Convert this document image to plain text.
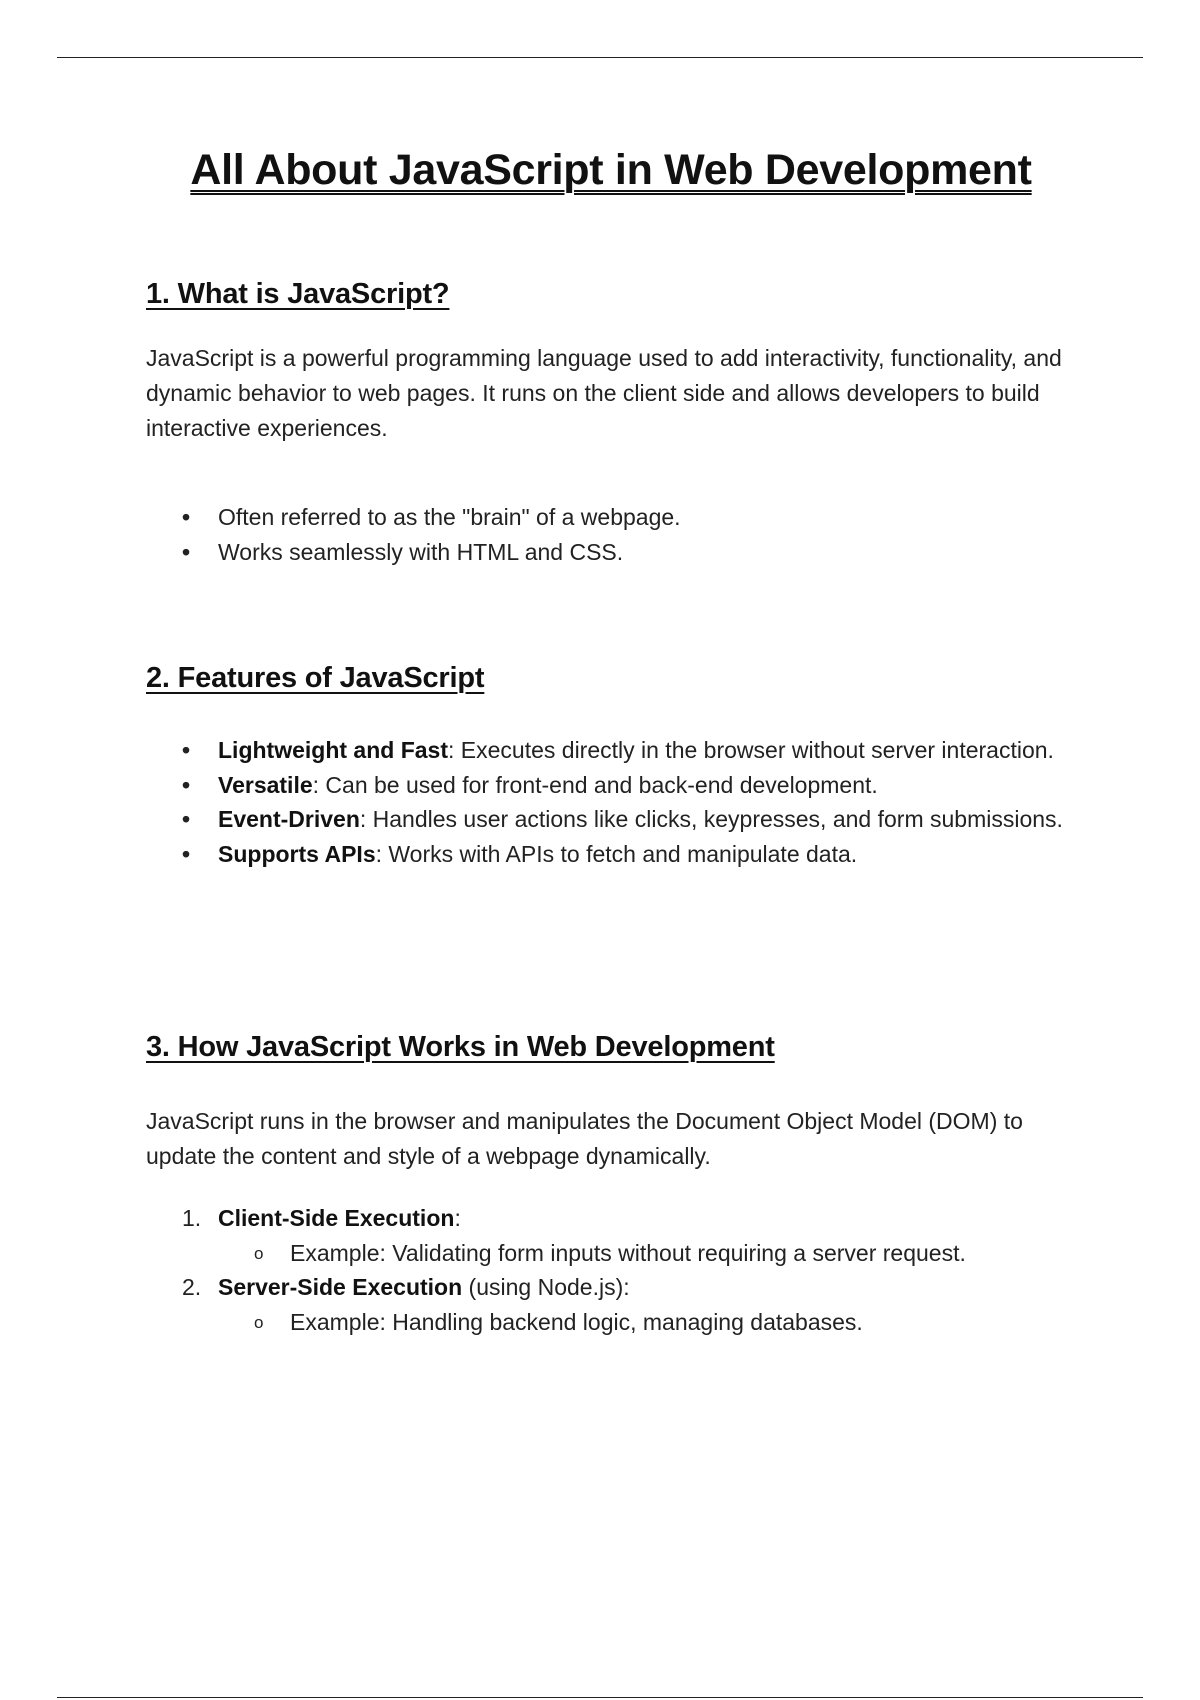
All About JavaScript in Web Development
1. What is JavaScript?

JavaScript is a powerful programming language used to add interactivity, functionality, and dynamic behavior to web pages. It runs on the client side and allows developers to build interactive experiences.

• Often referred to as the "brain" of a webpage.
• Works seamlessly with HTML and CSS.
2. Features of JavaScript
• Lightweight and Fast: Executes directly in the browser without server interaction.
• Versatile: Can be used for front-end and back-end development.
• Event-Driven: Handles user actions like clicks, keypresses, and form submissions.
• Supports APIs: Works with APIs to fetch and manipulate data.
3. How JavaScript Works in Web Development

JavaScript runs in the browser and manipulates the Document Object Model (DOM) to update the content and style of a webpage dynamically.

1. Client-Side Execution:
o Example: Validating form inputs without requiring a server request.
2. Server-Side Execution (using Node.js):
o Example: Handling backend logic, managing databases.
